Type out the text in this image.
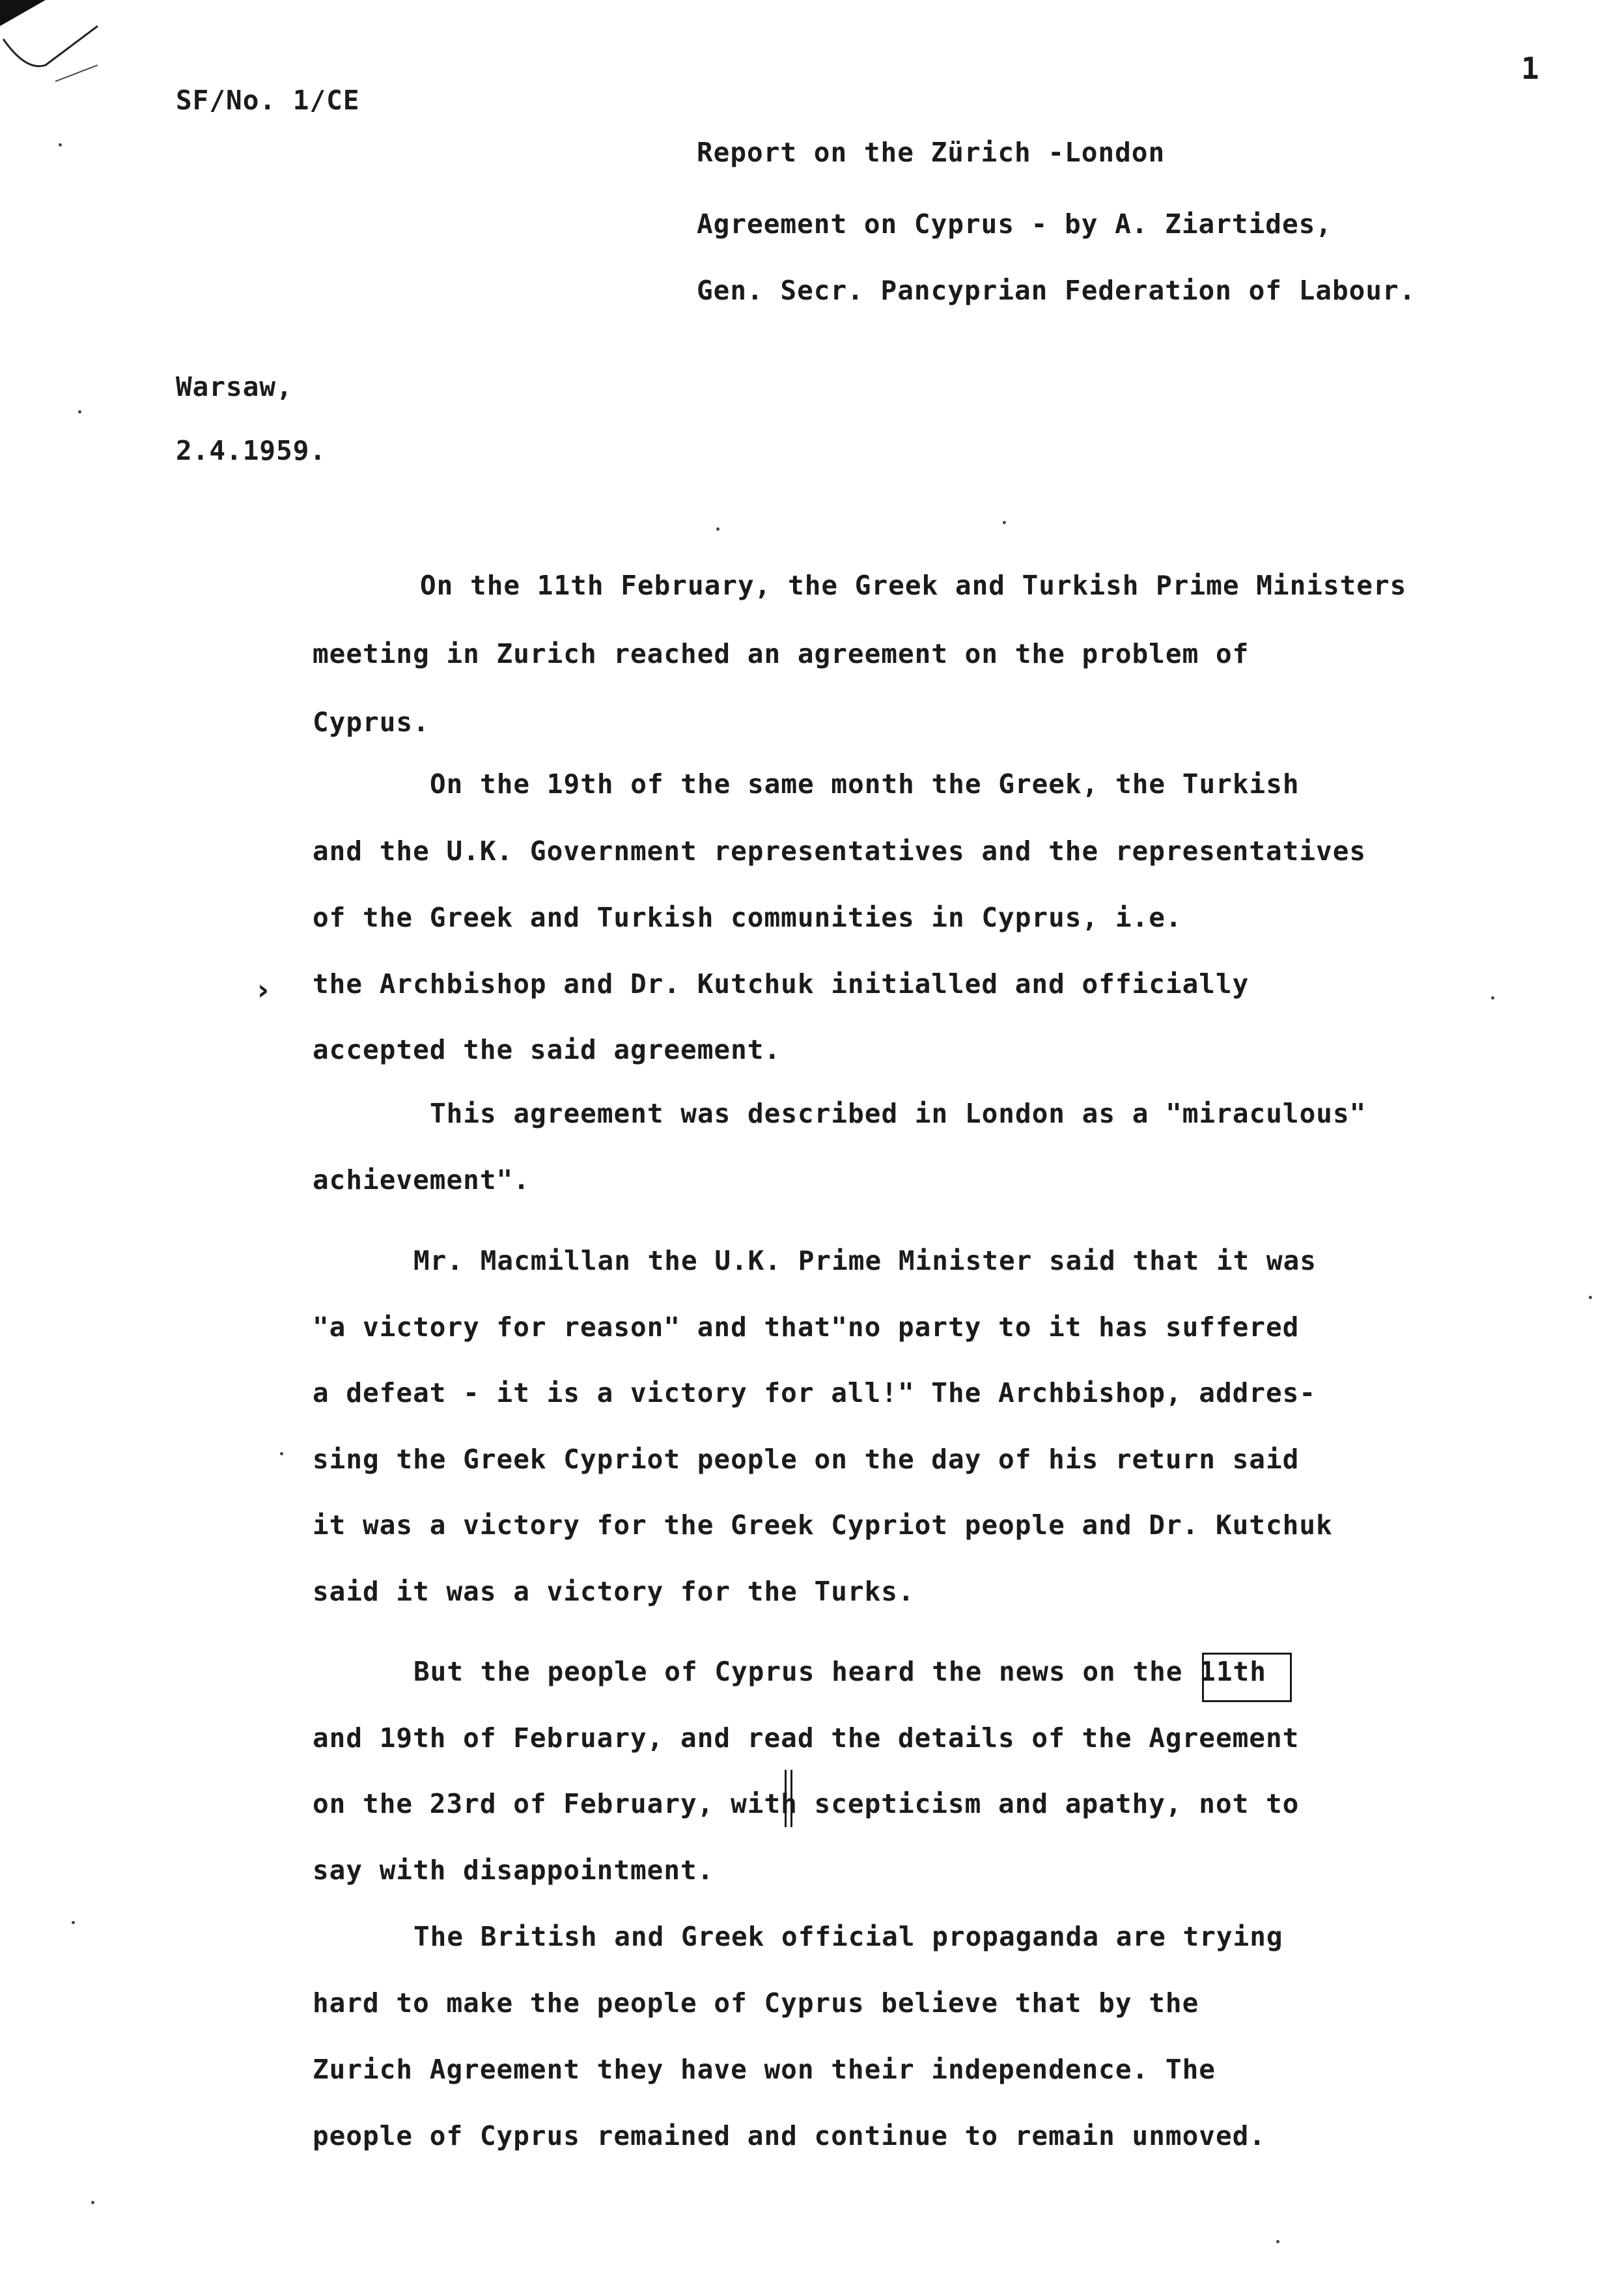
SF/No. 1/CE
1
Report on the Zürich -London
Agreement on Cyprus - by A. Ziartides,
Gen. Secr. Pancyprian Federation of Labour.
Warsaw,
2.4.1959.
On the 11th February, the Greek and Turkish Prime Ministers
meeting in Zurich reached an agreement on the problem of
Cyprus.
On the 19th of the same month the Greek, the Turkish
and the U.K. Government representatives and the representatives
of the Greek and Turkish communities in Cyprus, i.e.
› the Archbishop and Dr. Kutchuk initialled and officially
accepted the said agreement.
This agreement was described in London as a "miraculous"
achievement".
Mr. Macmillan the U.K. Prime Minister said that it was
"a victory for reason" and that"no party to it has suffered
a defeat - it is a victory for all!" The Archbishop, addres-
sing the Greek Cypriot people on the day of his return said
it was a victory for the Greek Cypriot people and Dr. Kutchuk
said it was a victory for the Turks.
But the people of Cyprus heard the news on the 11th
and 19th of February, and read the details of the Agreement
on the 23rd of February, with scepticism and apathy, not to
say with disappointment.
The British and Greek official propaganda are trying
hard to make the people of Cyprus believe that by the
Zurich Agreement they have won their independence. The
people of Cyprus remained and continue to remain unmoved.
